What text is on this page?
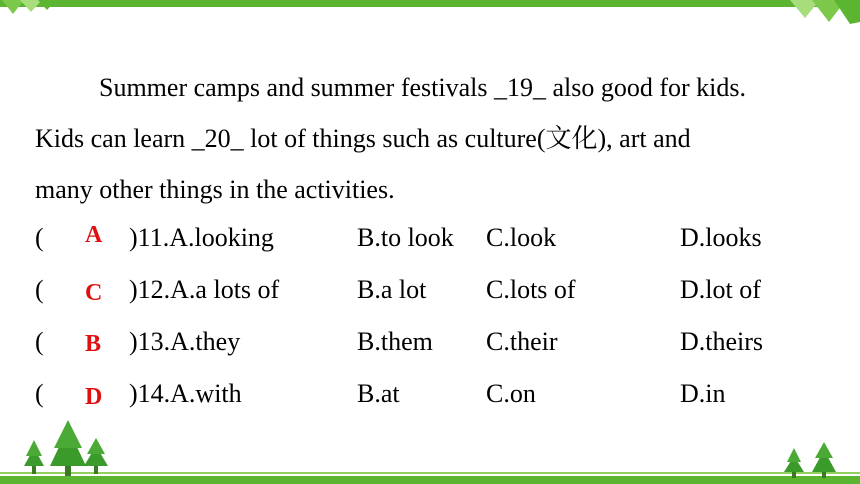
Summer camps and summer festivals _19_ also good for kids.
Kids can learn _20_ lot of things such as culture(文化), art and
many other things in the activities.
( A )11.A.looking	B.to look C.look	D.looks
( C )12.A.a lots of	B.a lot C.lots of	D.lot of
( B )13.A.they	B.them C.their	D.theirs
( D )14.A.with	B.at	C.on	D.in
